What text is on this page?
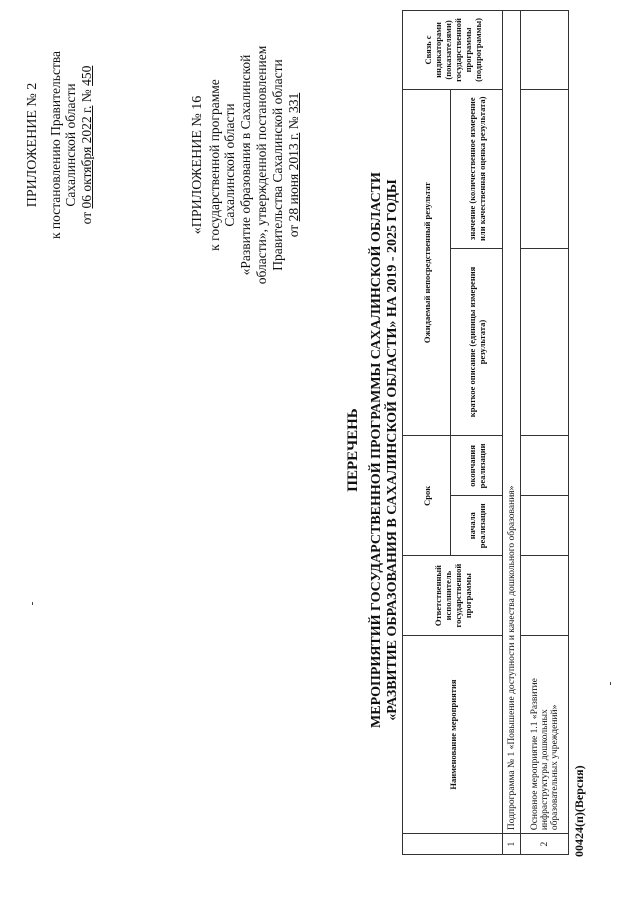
ПРИЛОЖЕНИЕ № 2 к постановлению Правительства Сахалинской области
от 06 октября 2022 г. № 450
«ПРИЛОЖЕНИЕ № 16 к государственной программе Сахалинской области «Развитие образования в Сахалинской области», утвержденной постановлением Правительства Сахалинской области от 28 июня 2013 г. № 331
ПЕРЕЧЕНЬ МЕРОПРИЯТИЙ ГОСУДАРСТВЕННОЙ ПРОГРАММЫ САХАЛИНСКОЙ ОБЛАСТИ «РАЗВИТИЕ ОБРАЗОВАНИЯ В САХАЛИНСКОЙ ОБЛАСТИ» НА 2019 - 2025 ГОДЫ
	Наименование мероприятия	Ответственный исполнитель государственной программы	Срок		Ожидаемый непосредственный результат		Связь с индикаторами (показателями) государственной программы (подпрограммы)
			начала реализации	окончания реализации	краткое описание (единицы измерения результата)	значение (количественное измерение или качественная оценка результата)	
1	Подпрограмма № 1 «Повышение доступности и качества дошкольного образования»						
2	Основное мероприятие 1.1 «Развитие инфраструктуры дошкольных образовательных учреждений»						00424(п)(Версия)
